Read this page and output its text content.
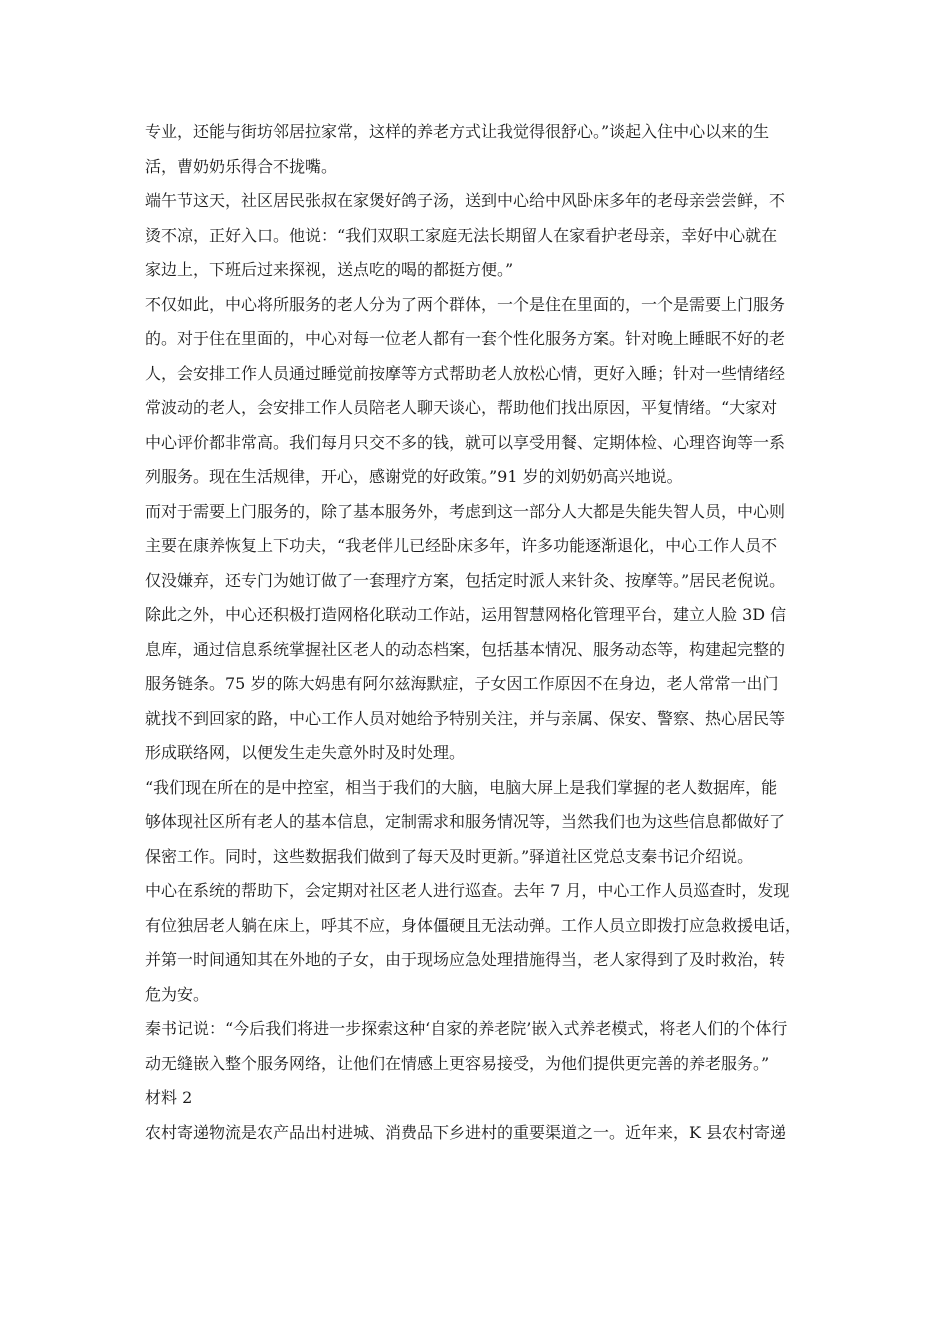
专业，还能与街坊邻居拉家常，这样的养老方式让我觉得很舒心。”谈起入住中心以来的生
活，曹奶奶乐得合不拢嘴。
端午节这天，社区居民张叔在家煲好鸽子汤，送到中心给中风卧床多年的老母亲尝尝鲜，不
烫不凉，正好入口。他说：“我们双职工家庭无法长期留人在家看护老母亲，幸好中心就在
家边上，下班后过来探视，送点吃的喝的都挺方便。”
不仅如此，中心将所服务的老人分为了两个群体，一个是住在里面的，一个是需要上门服务
的。对于住在里面的，中心对每一位老人都有一套个性化服务方案。针对晚上睡眠不好的老
人，会安排工作人员通过睡觉前按摩等方式帮助老人放松心情，更好入睡；针对一些情绪经
常波动的老人，会安排工作人员陪老人聊天谈心，帮助他们找出原因，平复情绪。“大家对
中心评价都非常高。我们每月只交不多的钱，就可以享受用餐、定期体检、心理咨询等一系
列服务。现在生活规律，开心，感谢党的好政策。”91 岁的刘奶奶高兴地说。
而对于需要上门服务的，除了基本服务外，考虑到这一部分人大都是失能失智人员，中心则
主要在康养恢复上下功夫，“我老伴儿已经卧床多年，许多功能逐渐退化，中心工作人员不
仅没嫌弃，还专门为她订做了一套理疗方案，包括定时派人来针灸、按摩等。”居民老倪说。
除此之外，中心还积极打造网格化联动工作站，运用智慧网格化管理平台，建立人脸 3D 信
息库，通过信息系统掌握社区老人的动态档案，包括基本情况、服务动态等，构建起完整的
服务链条。75 岁的陈大妈患有阿尔兹海默症，子女因工作原因不在身边，老人常常一出门
就找不到回家的路，中心工作人员对她给予特别关注，并与亲属、保安、警察、热心居民等
形成联络网，以便发生走失意外时及时处理。
“我们现在所在的是中控室，相当于我们的大脑，电脑大屏上是我们掌握的老人数据库，能
够体现社区所有老人的基本信息，定制需求和服务情况等，当然我们也为这些信息都做好了
保密工作。同时，这些数据我们做到了每天及时更新。”驿道社区党总支秦书记介绍说。
中心在系统的帮助下，会定期对社区老人进行巡查。去年 7 月，中心工作人员巡查时，发现
有位独居老人躺在床上，呼其不应，身体僵硬且无法动弹。工作人员立即拨打应急救援电话，
并第一时间通知其在外地的子女，由于现场应急处理措施得当，老人家得到了及时救治，转
危为安。
秦书记说：“今后我们将进一步探索这种‘自家的养老院’嵌入式养老模式，将老人们的个体行
动无缝嵌入整个服务网络，让他们在情感上更容易接受，为他们提供更完善的养老服务。”
材料 2
农村寄递物流是农产品出村进城、消费品下乡进村的重要渠道之一。近年来，K 县农村寄递
